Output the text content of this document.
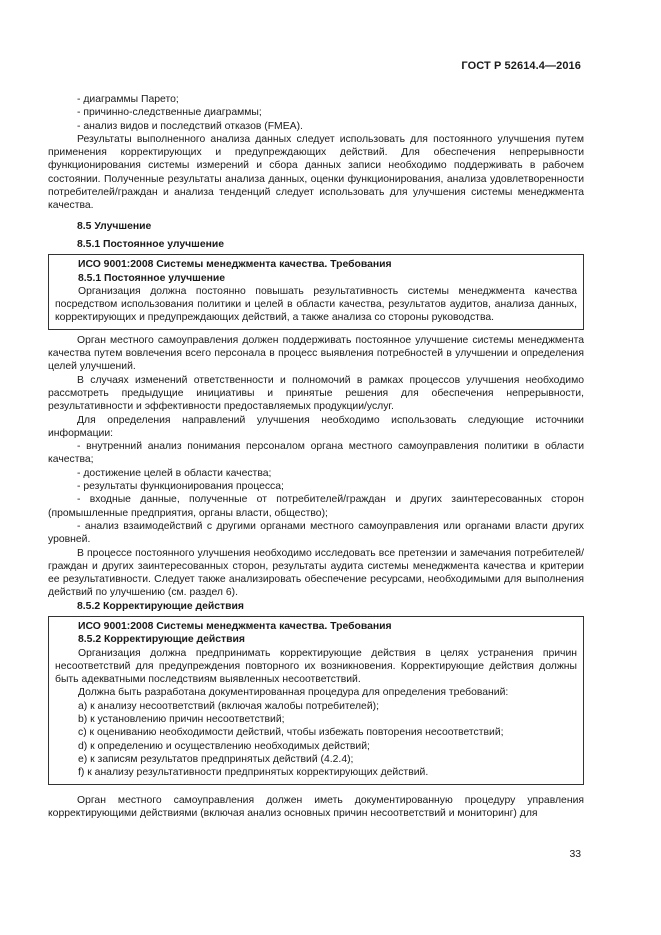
ГОСТ Р 52614.4—2016

- диаграммы Парето;

- причинно-следственные диаграммы;

- анализ видов и последствий отказов (FMEA).

Результаты выполненного анализа данных следует использовать для постоянного улучшения путем применения корректирующих и предупреждающих действий. Для обеспечения непрерывности функционирования системы измерений и сбора данных записи необходимо поддерживать в рабочем состоянии. Полученные результаты анализа данных, оценки функционирования, анализа удовлетворенности потребителей/граждан и анализа тенденций следует использовать для улучшения системы менеджмента качества.

8.5 Улучшение

8.5.1 Постоянное улучшение

ИСО 9001:2008 Системы менеджмента качества. Требования

8.5.1 Постоянное улучшение

Организация должна постоянно повышать результативность системы менеджмента качества посредством использования политики и целей в области качества, результатов аудитов, анализа данных, корректирующих и предупреждающих действий, а также анализа со стороны руководства.

Орган местного самоуправления должен поддерживать постоянное улучшение системы менеджмента качества путем вовлечения всего персонала в процесс выявления потребностей в улучшении и определения целей улучшений.

В случаях изменений ответственности и полномочий в рамках процессов улучшения необходимо рассмотреть предыдущие инициативы и принятые решения для обеспечения непрерывности, результативности и эффективности предоставляемых продукции/услуг.

Для определения направлений улучшения необходимо использовать следующие источники информации:

- внутренний анализ понимания персоналом органа местного самоуправления политики в области качества;

- достижение целей в области качества;

- результаты функционирования процесса;

- входные данные, полученные от потребителей/граждан и других заинтересованных сторон (промышленные предприятия, органы власти, общество);

- анализ взаимодействий с другими органами местного самоуправления или органами власти других уровней.

В процессе постоянного улучшения необходимо исследовать все претензии и замечания потребителей/граждан и других заинтересованных сторон, результаты аудита системы менеджмента качества и критерии ее результативности. Следует также анализировать обеспечение ресурсами, необходимыми для выполнения действий по улучшению (см. раздел 6).

8.5.2 Корректирующие действия

ИСО 9001:2008 Системы менеджмента качества. Требования

8.5.2 Корректирующие действия

Организация должна предпринимать корректирующие действия в целях устранения причин несоответствий для предупреждения повторного их возникновения. Корректирующие действия должны быть адекватными последствиям выявленных несоответствий.

Должна быть разработана документированная процедура для определения требований:

a) к анализу несоответствий (включая жалобы потребителей);

b) к установлению причин несоответствий;

c) к оцениванию необходимости действий, чтобы избежать повторения несоответствий;

d) к определению и осуществлению необходимых действий;

e) к записям результатов предпринятых действий (4.2.4);

f) к анализу результативности предпринятых корректирующих действий.

Орган местного самоуправления должен иметь документированную процедуру управления корректирующими действиями (включая анализ основных причин несоответствий и мониторинг) для

33
